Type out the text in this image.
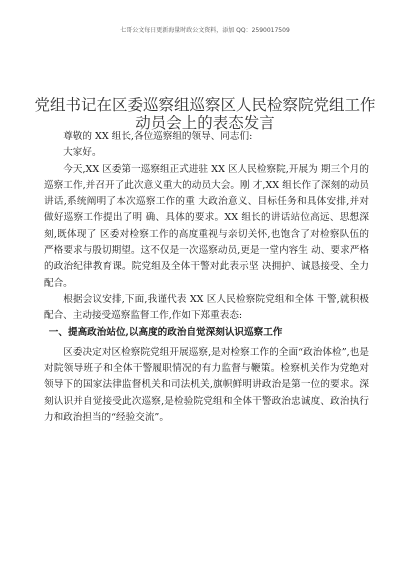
七哥公文每日更新海量时政公文资料，添加 QQ：2590017509
党组书记在区委巡察组巡察区人民检察院党组工作动员会上的表态发言

尊敬的 XX 组长,各位巡察组的领导、同志们:

大家好。

今天,XX 区委第一巡察组正式进驻 XX 区人民检察院,开展为 期三个月的巡察工作,并召开了此次意义重大的动员大会。刚 才,XX 组长作了深刻的动员讲话,系统阐明了本次巡察工作的重 大政治意义、目标任务和具体安排,并对做好巡察工作提出了明 确、具体的要求。XX 组长的讲话站位高远、思想深刻,既体现了 区委对检察工作的高度重视与亲切关怀,也饱含了对检察队伍的 严格要求与殷切期望。这不仅是一次巡察动员,更是一堂内容生 动、要求严格的政治纪律教育课。院党组及全体干警对此表示坚 决拥护、诚恳接受、全力配合。

根据会议安排,下面,我谨代表 XX 区人民检察院党组和全体 干警,就积极配合、主动接受巡察监督工作,作如下郑重表态:

一、提高政治站位,以高度的政治自觉深刻认识巡察工作

区委决定对区检察院党组开展巡察,是对检察工作的全面“政治体检”,也是对院领导班子和全体干警履职情况的有力监督与鞭策。检察机关作为党绝对领导下的国家法律监督机关和司法机关,旗帜鲜明讲政治是第一位的要求。深刻认识并自觉接受此次巡察,是检验院党组和全体干警政治忠诚度、政治执行力和政治担当的“经验交流”。
